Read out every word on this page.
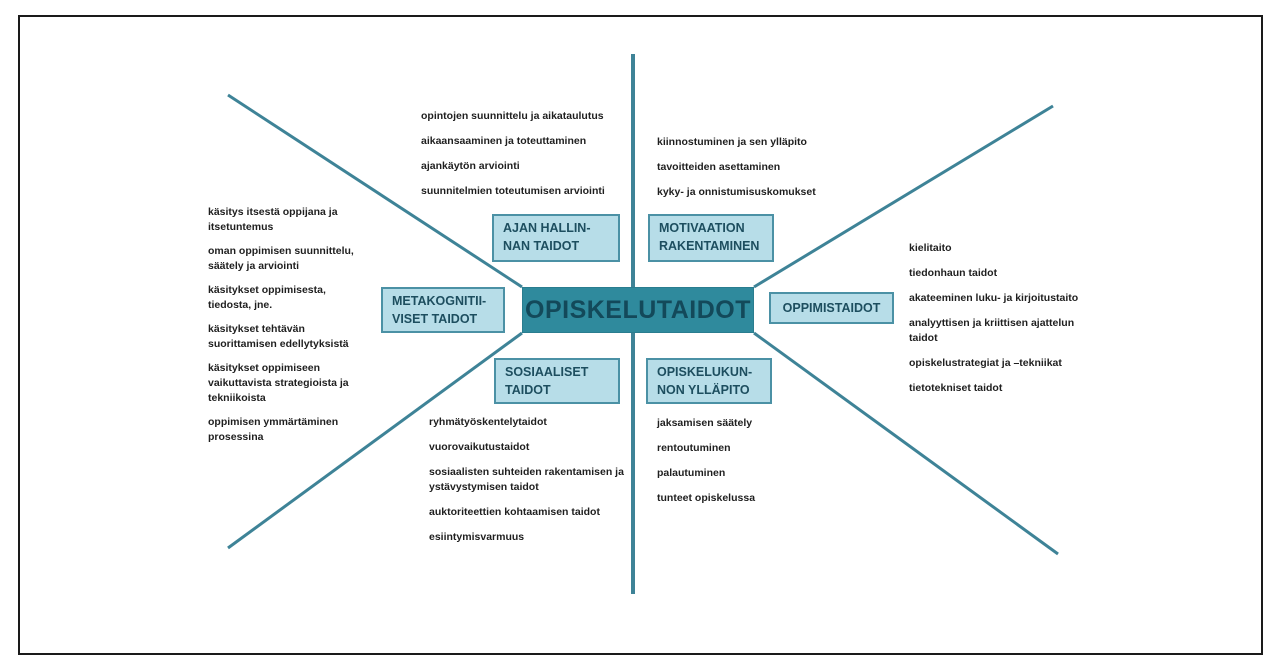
OPISKELUTAIDOT
AJAN HALLIN-
NAN TAIDOT
MOTIVAATION
RAKENTAMINEN
METAKOGNITII-
VISET TAIDOT
OPPIMISTAIDOT
SOSIAALISET
TAIDOT
OPISKELUKUN-
NON YLLÄPITO
opintojen suunnittelu ja aikataulutus
aikaansaaminen ja toteuttaminen
ajankäytön arviointi
suunnitelmien toteutumisen arviointi
kiinnostuminen ja sen ylläpito
tavoitteiden asettaminen
kyky- ja onnistumisuskomukset
käsitys itsestä oppijana ja
itsetuntemus
oman oppimisen suunnittelu,
säätely ja arviointi
käsitykset oppimisesta,
tiedosta, jne.
käsitykset tehtävän
suorittamisen edellytyksistä
käsitykset oppimiseen
vaikuttavista strategioista ja
tekniikoista
oppimisen ymmärtäminen
prosessina
kielitaito
tiedonhaun taidot
akateeminen luku- ja kirjoitustaito
analyyttisen ja kriittisen ajattelun
taidot
opiskelustrategiat ja –tekniikat
tietotekniset taidot
ryhmätyöskentelytaidot
vuorovaikutustaidot
sosiaalisten suhteiden rakentamisen ja
ystävystymisen taidot
auktoriteettien kohtaamisen taidot
esiintymisvarmuus
jaksamisen säätely
rentoutuminen
palautuminen
tunteet opiskelussa
